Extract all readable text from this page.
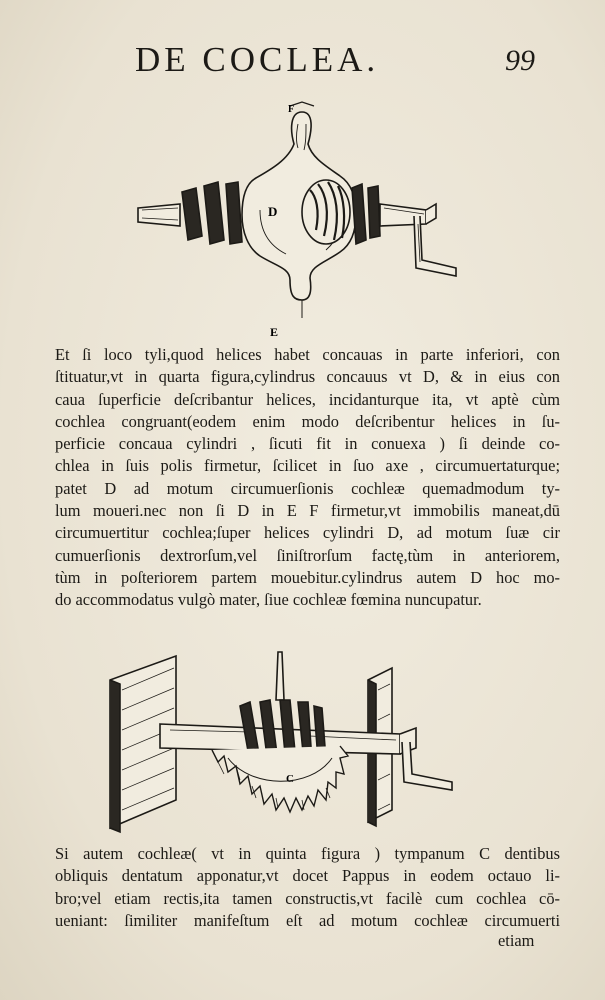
DE COCLEA.	99
F
D
E

Et ſi loco tyli,quod helices habet concauas in parte inferiori, con
ſtituatur,vt in quarta figura,cylindrus concauus vt D, & in eius con
caua ſuperficie deſcribantur helices, incidanturque ita, vt aptè cùm
cochlea congruant(eodem enim modo deſcribentur helices in ſu-
perficie concaua cylindri , ſicuti fit in conuexa ) ſi deinde co-
chlea in ſuis polis firmetur, ſcilicet in ſuo axe , circumuertaturque;
patet D ad motum circumuerſionis cochleæ quemadmodum ty-
lum moueri.nec non ſi D in E F firmetur,vt immobilis maneat,dū
circumuertitur cochlea;ſuper helices cylindri D, ad motum ſuæ cir
cumuerſionis dextrorſum,vel ſiniſtrorſum factę,tùm in anteriorem,
tùm in poſteriorem partem mouebitur.cylindrus autem D hoc mo-
do accommodatus vulgò mater, ſiue cochleæ fœmina nuncupatur.

C

Si autem cochleæ( vt in quinta figura ) tympanum C dentibus
obliquis dentatum apponatur,vt docet Pappus in eodem octauo li-
bro;vel etiam rectis,ita tamen constructis,vt facilè cum cochlea cō-
ueniant: ſimiliter manifeſtum eſt ad motum cochleæ circumuerti

etiam
